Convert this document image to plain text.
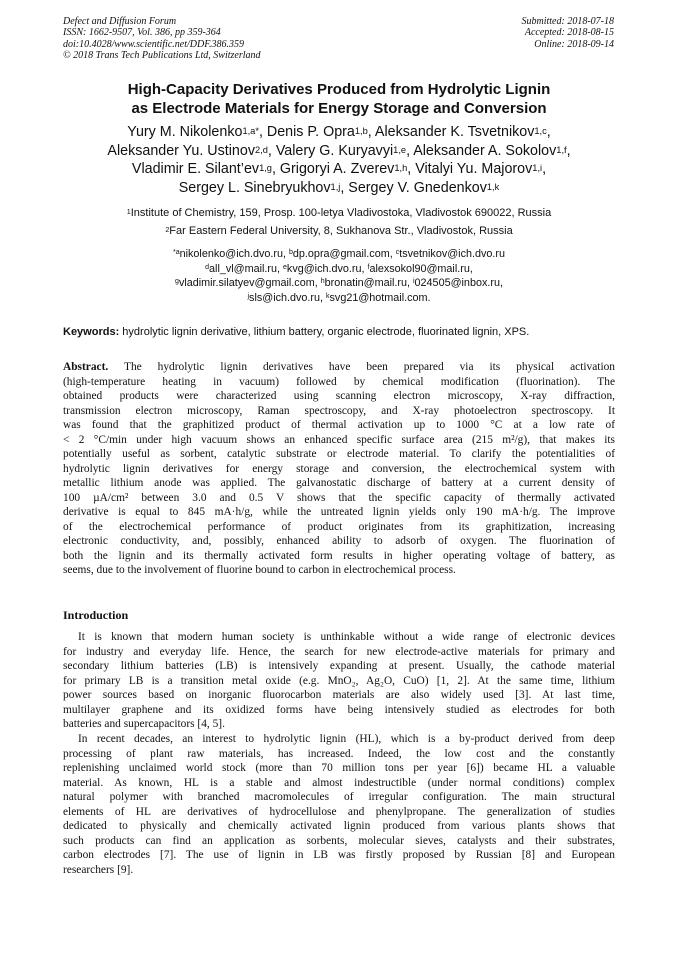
Defect and Diffusion Forum
ISSN: 1662-9507, Vol. 386, pp 359-364
doi:10.4028/www.scientific.net/DDF.386.359
© 2018 Trans Tech Publications Ltd, Switzerland
Submitted: 2018-07-18
Accepted: 2018-08-15
Online: 2018-09-14
High-Capacity Derivatives Produced from Hydrolytic Lignin
as Electrode Materials for Energy Storage and Conversion
Yury M. Nikolenko$^{1,a*}$, Denis P. Opra$^{1,b}$, Aleksander K. Tsvetnikov$^{1,c}$,
Aleksander Yu. Ustinov$^{2,d}$, Valery G. Kuryavyi$^{1,e}$, Aleksander A. Sokolov$^{1,f}$,
Vladimir E. Silant’ev$^{1,g}$, Grigoryi A. Zverev$^{1,h}$, Vitalyi Yu. Majorov$^{1,i}$,
Sergey L. Sinebryukhov$^{1,j}$, Sergey V. Gnedenkov$^{1,k}$
$^1$Institute of Chemistry, 159, Prosp. 100-letya Vladivostoka, Vladivostok 690022, Russia
$^2$Far Eastern Federal University, 8, Sukhanova Str., Vladivostok, Russia
$^{*a}$nikolenko@ich.dvo.ru, $^b$dp.opra@gmail.com, $^c$tsvetnikov@ich.dvo.ru
$^d$all_vl@mail.ru, $^e$kvg@ich.dvo.ru, $^f$alexsokol90@mail.ru,
$^g$vladimir.silatyev@gmail.com, $^h$bronatin@mail.ru, $^i$024505@inbox.ru,
$^j$sls@ich.dvo.ru, $^k$svg21@hotmail.com.
Keywords: hydrolytic lignin derivative, lithium battery, organic electrode, fluorinated lignin, XPS.
Abstract. The hydrolytic lignin derivatives have been prepared via its physical activation
(high-temperature heating in vacuum) followed by chemical modification (fluorination). The
obtained products were characterized using scanning electron microscopy, X-ray diffraction,
transmission electron microscopy, Raman spectroscopy, and X-ray photoelectron spectroscopy. It
was found that the graphitized product of thermal activation up to 1000 °C at a low rate of
< 2 °C/min under high vacuum shows an enhanced specific surface area (215 m²/g), that makes its
potentially useful as sorbent, catalytic substrate or electrode material. To clarify the potentialities of
hydrolytic lignin derivatives for energy storage and conversion, the electrochemical system with
metallic lithium anode was applied. The galvanostatic discharge of battery at a current density of
100 µA/cm² between 3.0 and 0.5 V shows that the specific capacity of thermally activated
derivative is equal to 845 mA·h/g, while the untreated lignin yields only 190 mA·h/g. The improve
of the electrochemical performance of product originates from its graphitization, increasing
electronic conductivity, and, possibly, enhanced ability to adsorb of oxygen. The fluorination of
both the lignin and its thermally activated form results in higher operating voltage of battery, as
seems, due to the involvement of fluorine bound to carbon in electrochemical process.
Introduction
It is known that modern human society is unthinkable without a wide range of electronic devices
for industry and everyday life. Hence, the search for new electrode-active materials for primary and
secondary lithium batteries (LB) is intensively expanding at present. Usually, the cathode material
for primary LB is a transition metal oxide (e.g. MnO₂, Ag₂O, CuO) [1, 2]. At the same time, lithium
power sources based on inorganic fluorocarbon materials are also widely used [3]. At last time,
multilayer graphene and its oxidized forms have being intensively studied as electrodes for both
batteries and supercapacitors [4, 5].
In recent decades, an interest to hydrolytic lignin (HL), which is a by-product derived from deep
processing of plant raw materials, has increased. Indeed, the low cost and the constantly
replenishing unclaimed world stock (more than 70 million tons per year [6]) became HL a valuable
material. As known, HL is a stable and almost indestructible (under normal conditions) complex
natural polymer with branched macromolecules of irregular configuration. The main structural
elements of HL are derivatives of hydrocellulose and phenylpropane. The generalization of studies
dedicated to physically and chemically activated lignin produced from various plants shows that
such products can find an application as sorbents, molecular sieves, catalysts and their substrates,
carbon electrodes [7]. The use of lignin in LB was firstly proposed by Russian [8] and European
researchers [9].
